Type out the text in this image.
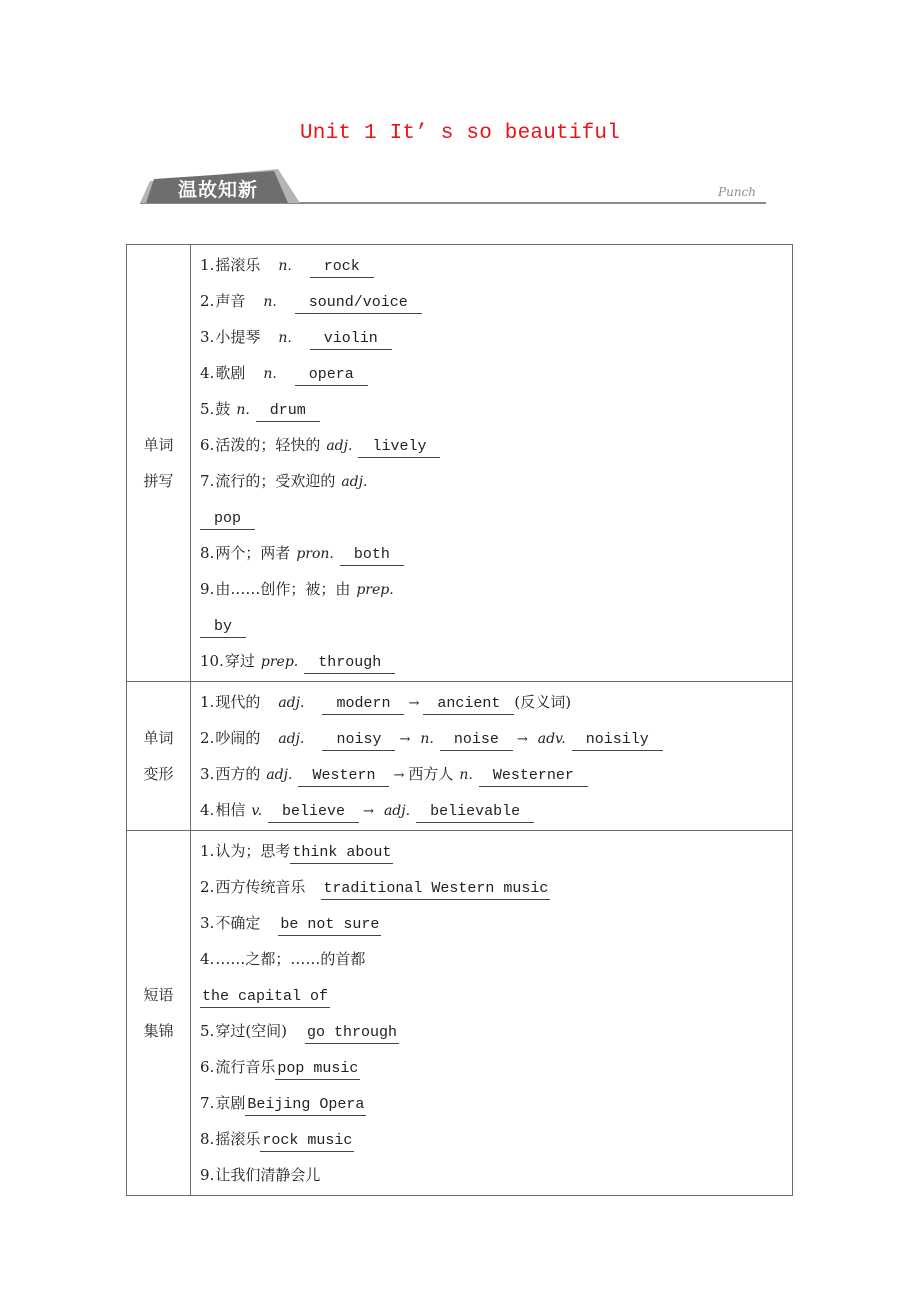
Unit 1 It’ s so beautiful
温故知新	Punch
单词
拼写

1.摇滚乐 n. rock
2.声音 n. sound/voice
3.小提琴 n. violin
4.歌剧 n. opera
5.鼓 n. drum
6.活泼的；轻快的 adj. lively
7.流行的；受欢迎的 adj.
pop
8.两个；两者 pron. both
9.由……创作；被；由 prep.
by
10.穿过 prep. through

单词
变形

1.现代的 adj. modern → ancient (反义词)
2.吵闹的 adj. noisy → n. noise → adv. noisily
3.西方的 adj. Western → 西方人 n. Westerner
4.相信 v. believe → adj. believable

短语
集锦

1.认为；思考 think about
2.西方传统音乐 traditional Western music
3.不确定 be not sure
4.……之都；……的首都
the capital of
5.穿过(空间) go through
6.流行音乐 pop music
7.京剧 Beijing Opera
8.摇滚乐 rock music
9.让我们清静会儿
